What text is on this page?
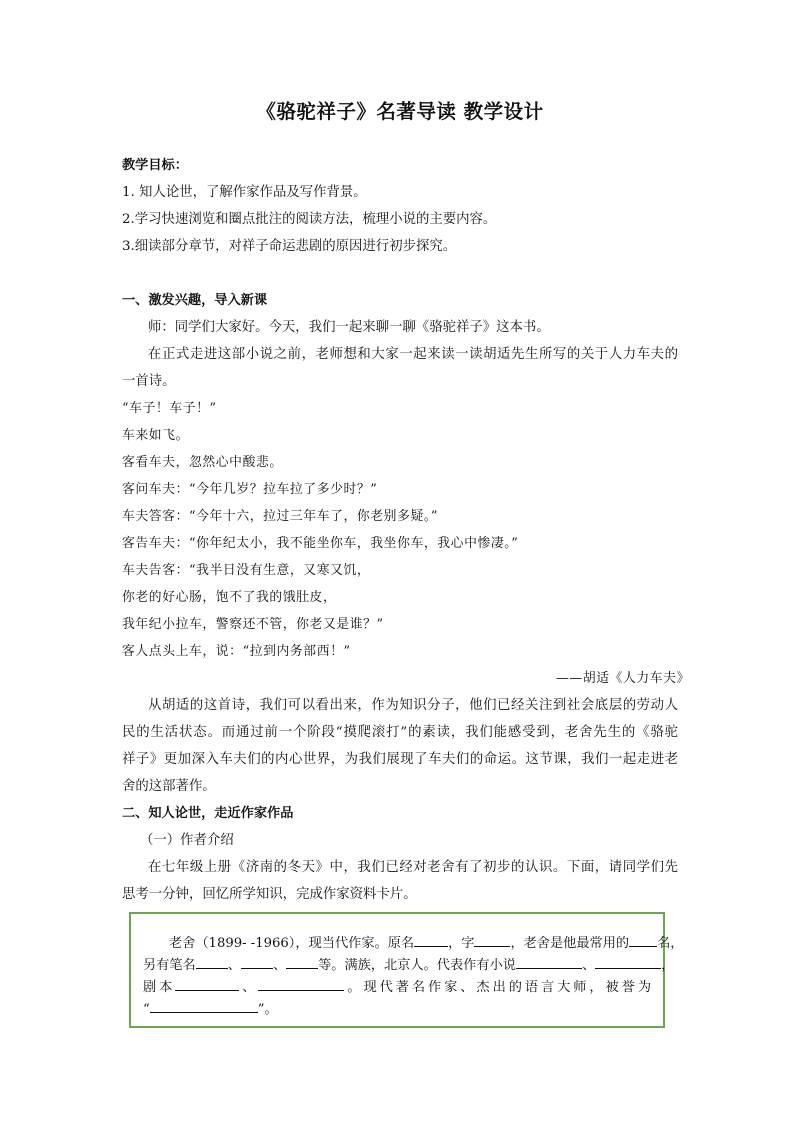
《骆驼祥子》名著导读 教学设计
教学目标：
1. 知人论世，了解作家作品及写作背景。
2.学习快速浏览和圈点批注的阅读方法，梳理小说的主要内容。
3.细读部分章节，对祥子命运悲剧的原因进行初步探究。
一、激发兴趣，导入新课
师：同学们大家好。今天，我们一起来聊一聊《骆驼祥子》这本书。
在正式走进这部小说之前，老师想和大家一起来读一读胡适先生所写的关于人力车夫的
一首诗。
“车子！车子！”
车来如飞。
客看车夫，忽然心中酸悲。
客问车夫：“今年几岁？拉车拉了多少时？”
车夫答客：“今年十六，拉过三年车了，你老别多疑。”
客告车夫：“你年纪太小，我不能坐你车，我坐你车，我心中惨凄。”
车夫告客：“我半日没有生意，又寒又饥，
你老的好心肠，饱不了我的饿肚皮，
我年纪小拉车，警察还不管，你老又是谁？”
客人点头上车，说：“拉到内务部西！”
——胡适《人力车夫》
从胡适的这首诗，我们可以看出来，作为知识分子，他们已经关注到社会底层的劳动人
民的生活状态。而通过前一个阶段“摸爬滚打”的素读，我们能感受到，老舍先生的《骆驼
祥子》更加深入车夫们的内心世界，为我们展现了车夫们的命运。这节课，我们一起走进老
舍的这部著作。
二、知人论世，走近作家作品
（一）作者介绍
在七年级上册《济南的冬天》中，我们已经对老舍有了初步的认识。下面，请同学们先
思考一分钟，回忆所学知识，完成作家资料卡片。
老舍（1899- -1966），现当代作家。原名	，字	，老舍是他最常用的 名，
另有笔名 、 、 等。满族，北京人。代表作有小说	、	，
剧本	、	。现代著名作家、杰出的语言大师，被誉为
“	”。
